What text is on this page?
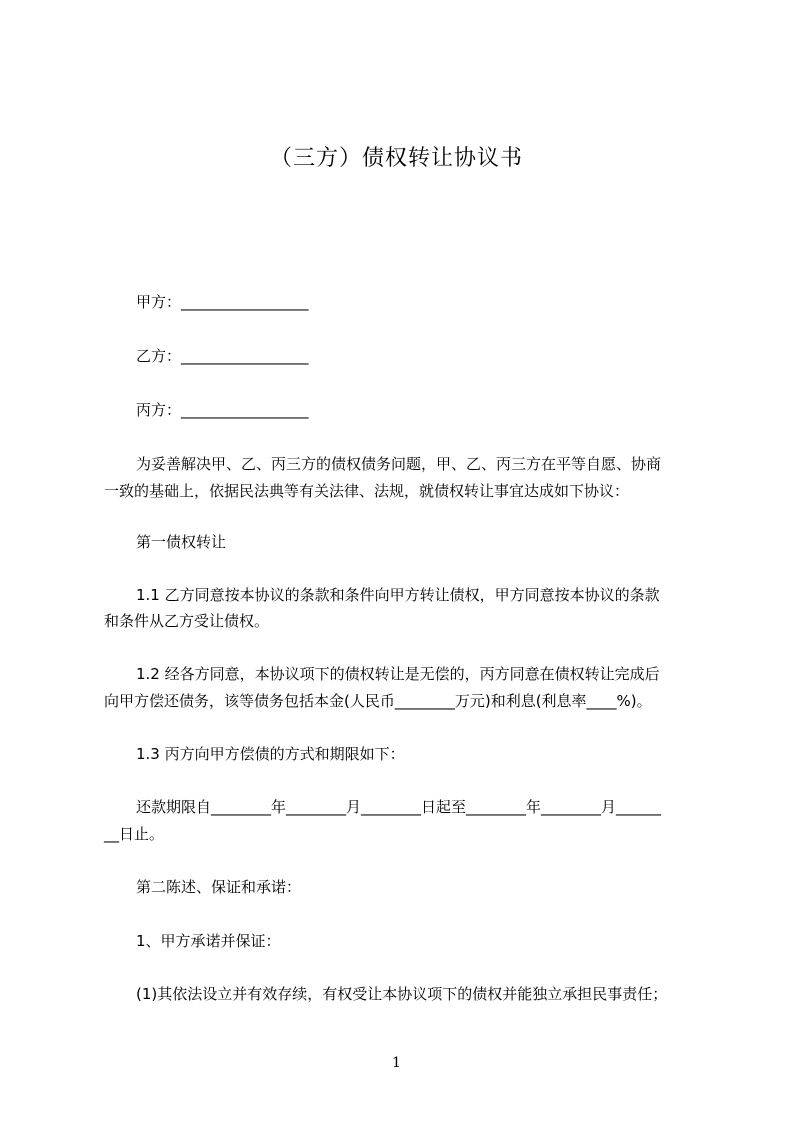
（三方）债权转让协议书
甲方：_________________
乙方：_________________
丙方：_________________
为妥善解决甲、乙、丙三方的债权债务问题，甲、乙、丙三方在平等自愿、协商
一致的基础上，依据民法典等有关法律、法规，就债权转让事宜达成如下协议：
第一债权转让
1.1 乙方同意按本协议的条款和条件向甲方转让债权，甲方同意按本协议的条款
和条件从乙方受让债权。
1.2 经各方同意，本协议项下的债权转让是无偿的，丙方同意在债权转让完成后
向甲方偿还债务，该等债务包括本金(人民币________万元)和利息(利息率____%)。
1.3 丙方向甲方偿债的方式和期限如下：
还款期限自________年________月________日起至________年________月______
__日止。
第二陈述、保证和承诺：
1、甲方承诺并保证：
(1)其依法设立并有效存续，有权受让本协议项下的债权并能独立承担民事责任；
1
